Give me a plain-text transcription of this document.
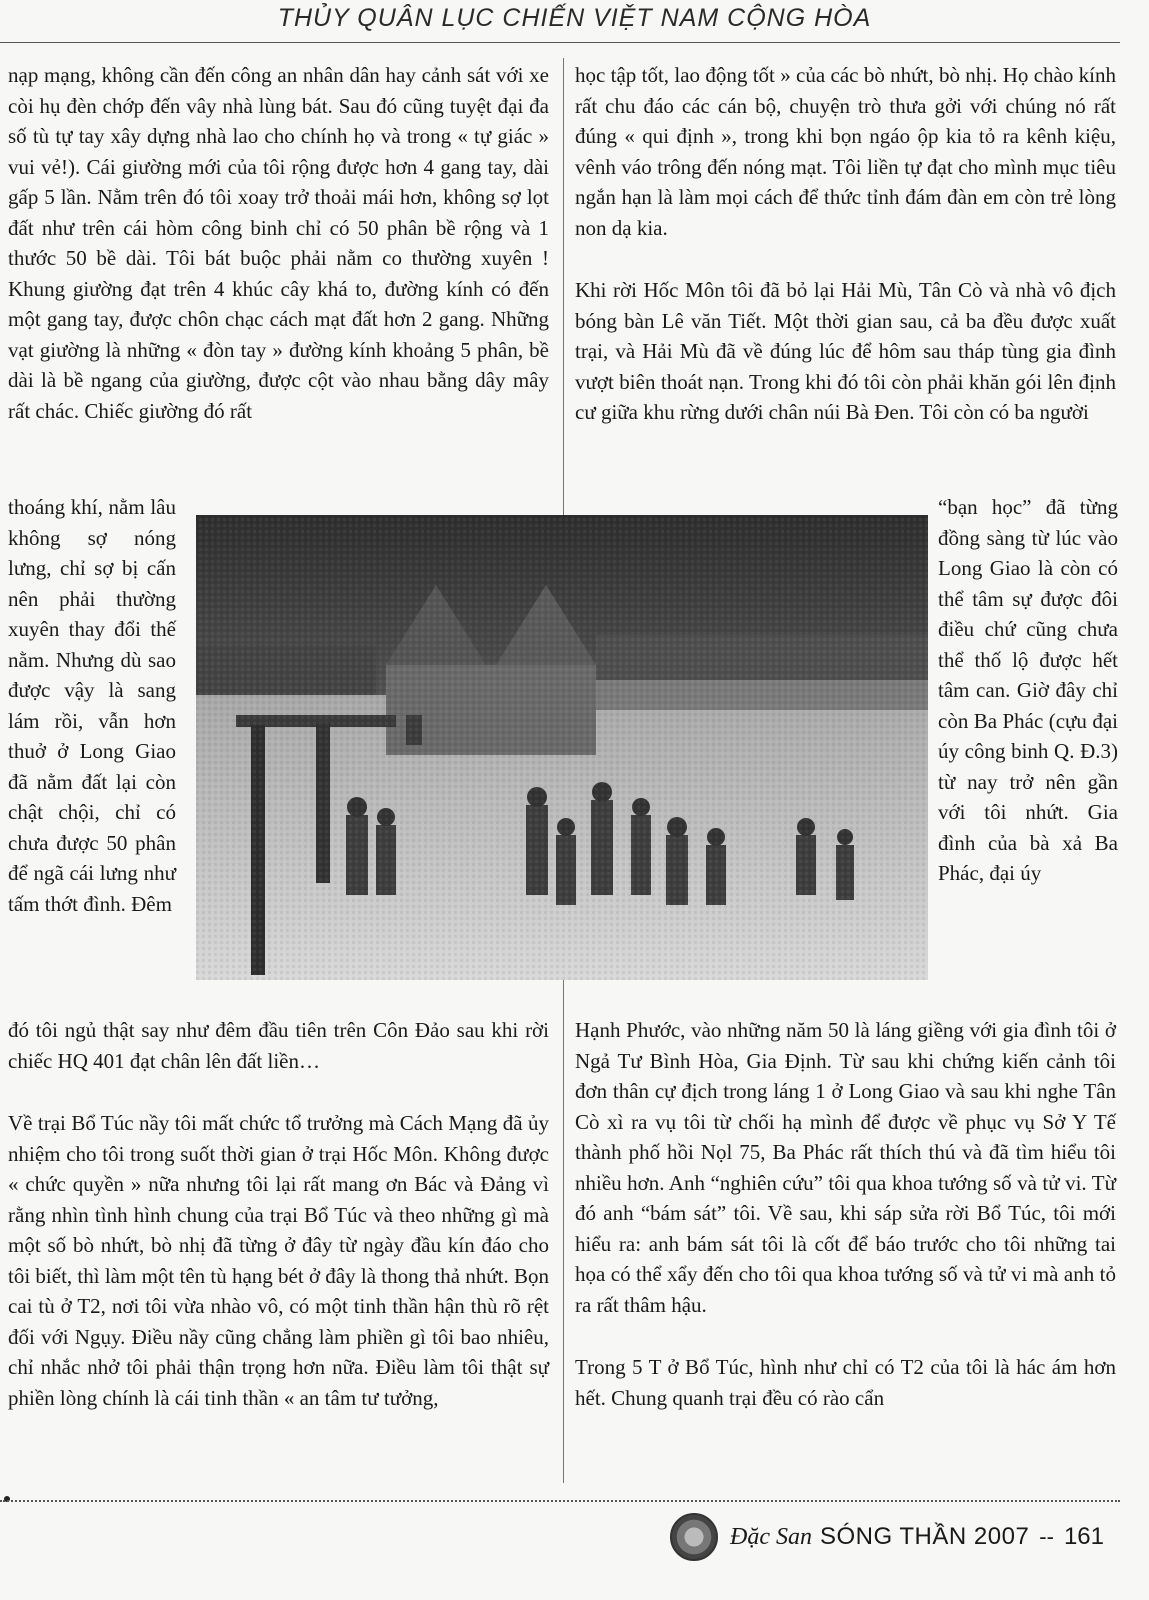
THỦY QUÂN LỤC CHIẾN VIỆT NAM CỘNG HÒA

nạp mạng, không cần đến công an nhân dân hay cảnh sát với xe còi hụ đèn chớp đến vây nhà lùng bát. Sau đó cũng tuyệt đại đa số tù tự tay xây dựng nhà lao cho chính họ và trong « tự giác » vui vẻ!). Cái giường mới của tôi rộng được hơn 4 gang tay, dài gấp 5 lần. Nằm trên đó tôi xoay trở thoải mái hơn, không sợ lọt đất như trên cái hòm công binh chỉ có 50 phân bề rộng và 1 thước 50 bề dài. Tôi bát buộc phải nằm co thường xuyên ! Khung giường đạt trên 4 khúc cây khá to, đường kính có đến một gang tay, được chôn chạc cách mạt đất hơn 2 gang. Những vạt giường là những « đòn tay » đường kính khoảng 5 phân, bề dài là bề ngang của giường, được cột vào nhau bằng dây mây rất chác. Chiếc giường đó rất

thoáng khí, nằm lâu không sợ nóng lưng, chỉ sợ bị cấn nên phải thường xuyên thay đổi thế nằm. Nhưng dù sao được vậy là sang lám rồi, vẫn hơn thuở ở Long Giao đã nằm đất lại còn chật chội, chỉ có chưa được 50 phân để ngã cái lưng như tấm thớt đình. Đêm

đó tôi ngủ thật say như đêm đầu tiên trên Côn Đảo sau khi rời chiếc HQ 401 đạt chân lên đất liền…

Về trại Bổ Túc nầy tôi mất chức tổ trưởng mà Cách Mạng đã ủy nhiệm cho tôi trong suốt thời gian ở trại Hốc Môn. Không được « chức quyền » nữa nhưng tôi lại rất mang ơn Bác và Đảng vì rằng nhìn tình hình chung của trại Bổ Túc và theo những gì mà một số bò nhứt, bò nhị đã từng ở đây từ ngày đầu kín đáo cho tôi biết, thì làm một tên tù hạng bét ở đây là thong thả nhứt. Bọn cai tù ở T2, nơi tôi vừa nhào vô, có một tinh thần hận thù rõ rệt đối với Ngụy. Điều nầy cũng chẳng làm phiền gì tôi bao nhiêu, chỉ nhắc nhở tôi phải thận trọng hơn nữa. Điều làm tôi thật sự phiền lòng chính là cái tinh thần « an tâm tư tưởng,

học tập tốt, lao động tốt » của các bò nhứt, bò nhị. Họ chào kính rất chu đáo các cán bộ, chuyện trò thưa gởi với chúng nó rất đúng « qui định », trong khi bọn ngáo ộp kia tỏ ra kênh kiệu, vênh váo trông đến nóng mạt. Tôi liền tự đạt cho mình mục tiêu ngắn hạn là làm mọi cách để thức tỉnh đám đàn em còn trẻ lòng non dạ kia.

Khi rời Hốc Môn tôi đã bỏ lại Hải Mù, Tân Cò và nhà vô địch bóng bàn Lê văn Tiết. Một thời gian sau, cả ba đều được xuất trại, và Hải Mù đã về đúng lúc để hôm sau tháp tùng gia đình vượt biên thoát nạn. Trong khi đó tôi còn phải khăn gói lên định cư giữa khu rừng dưới chân núi Bà Đen. Tôi còn có ba người

“bạn học” đã từng đồng sàng từ lúc vào Long Giao là còn có thể tâm sự được đôi điều chứ cũng chưa thể thố lộ được hết tâm can. Giờ đây chỉ còn Ba Phác (cựu đại úy công binh Q. Đ.3) từ nay trở nên gần với tôi nhứt. Gia đình của bà xả Ba Phác, đại úy

Hạnh Phước, vào những năm 50 là láng giềng với gia đình tôi ở Ngả Tư Bình Hòa, Gia Định. Từ sau khi chứng kiến cảnh tôi đơn thân cự địch trong láng 1 ở Long Giao và sau khi nghe Tân Cò xì ra vụ tôi từ chối hạ mình để được về phục vụ Sở Y Tế thành phố hồi Nọl 75, Ba Phác rất thích thú và đã tìm hiểu tôi nhiều hơn. Anh “nghiên cứu” tôi qua khoa tướng số và tử vi. Từ đó anh “bám sát” tôi. Về sau, khi sáp sửa rời Bổ Túc, tôi mới hiểu ra: anh bám sát tôi là cốt để báo trước cho tôi những tai họa có thể xẩy đến cho tôi qua khoa tướng số và tử vi mà anh tỏ ra rất thâm hậu.

Trong 5 T ở Bổ Túc, hình như chỉ có T2 của tôi là hác ám hơn hết. Chung quanh trại đều có rào cẩn

Đặc San SÓNG THẦN 2007 -- 161
